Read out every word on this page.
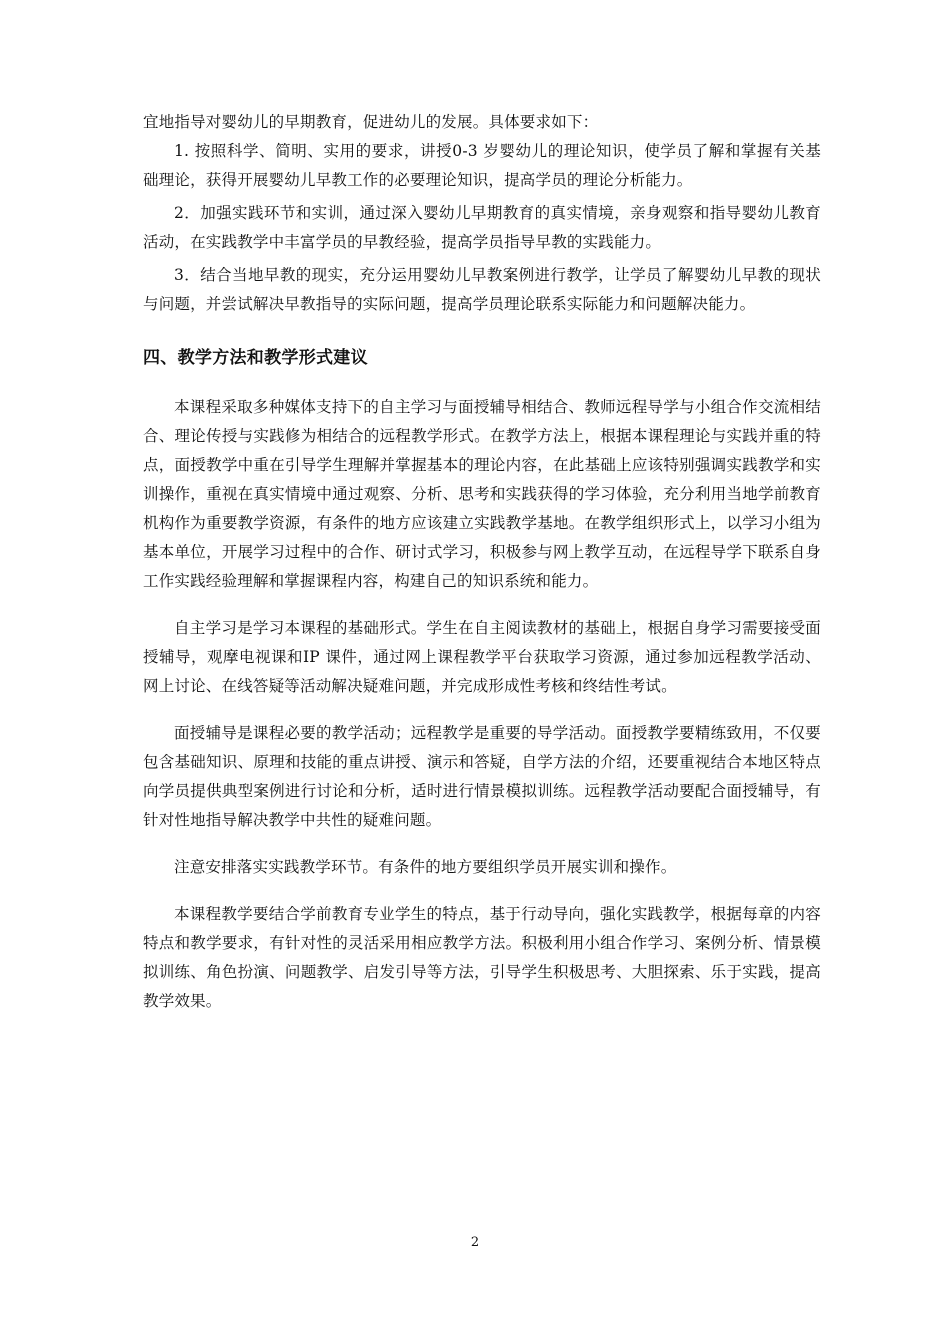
宜地指导对婴幼儿的早期教育，促进幼儿的发展。具体要求如下：

1. 按照科学、简明、实用的要求，讲授0-3 岁婴幼儿的理论知识，使学员了解和掌握有关基础理论，获得开展婴幼儿早教工作的必要理论知识，提高学员的理论分析能力。

2．加强实践环节和实训，通过深入婴幼儿早期教育的真实情境，亲身观察和指导婴幼儿教育活动，在实践教学中丰富学员的早教经验，提高学员指导早教的实践能力。

3．结合当地早教的现实，充分运用婴幼儿早教案例进行教学，让学员了解婴幼儿早教的现状与问题，并尝试解决早教指导的实际问题，提高学员理论联系实际能力和问题解决能力。

四、教学方法和教学形式建议

本课程采取多种媒体支持下的自主学习与面授辅导相结合、教师远程导学与小组合作交流相结合、理论传授与实践修为相结合的远程教学形式。在教学方法上，根据本课程理论与实践并重的特点，面授教学中重在引导学生理解并掌握基本的理论内容，在此基础上应该特别强调实践教学和实训操作，重视在真实情境中通过观察、分析、思考和实践获得的学习体验，充分利用当地学前教育机构作为重要教学资源，有条件的地方应该建立实践教学基地。在教学组织形式上，以学习小组为基本单位，开展学习过程中的合作、研讨式学习，积极参与网上教学互动，在远程导学下联系自身工作实践经验理解和掌握课程内容，构建自己的知识系统和能力。

自主学习是学习本课程的基础形式。学生在自主阅读教材的基础上，根据自身学习需要接受面授辅导，观摩电视课和IP 课件，通过网上课程教学平台获取学习资源，通过参加远程教学活动、网上讨论、在线答疑等活动解决疑难问题，并完成形成性考核和终结性考试。

面授辅导是课程必要的教学活动；远程教学是重要的导学活动。面授教学要精练致用，不仅要包含基础知识、原理和技能的重点讲授、演示和答疑，自学方法的介绍，还要重视结合本地区特点向学员提供典型案例进行讨论和分析，适时进行情景模拟训练。远程教学活动要配合面授辅导，有针对性地指导解决教学中共性的疑难问题。

注意安排落实实践教学环节。有条件的地方要组织学员开展实训和操作。

本课程教学要结合学前教育专业学生的特点，基于行动导向，强化实践教学，根据每章的内容特点和教学要求，有针对性的灵活采用相应教学方法。积极利用小组合作学习、案例分析、情景模拟训练、角色扮演、问题教学、启发引导等方法，引导学生积极思考、大胆探索、乐于实践，提高教学效果。

2
